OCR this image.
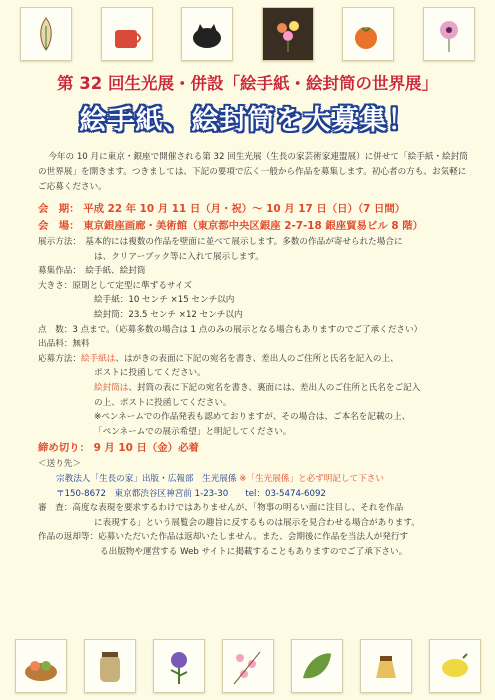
第 32 回生光展・併設「絵手紙・絵封筒の世界展」
絵手紙、絵封筒を大募集！

今年の 10 月に東京・銀座で開催される第 32 回生光展（生長の家芸術家連盟展）に併せて「絵手紙・絵封筒の世界展」を開きます。つきましては、下記の要項で広く一般から作品を募集します。初心者の方も、お気軽にご応募ください。

会　期： 平成 22 年 10 月 11 日（月・祝）〜 10 月 17 日（日）（7 日間）
会　場： 東京銀座画廊・美術館（東京都中央区銀座 2-7-18 銀座貿易ビル 8 階）
展示方法：　基本的には複数の作品を壁面に並べて展示します。多数の作品が寄せられた場合に
は、クリアーブック等に入れて展示します。
募集作品：　絵手紙、絵封筒
大きさ：原則として定型に準ずるサイズ
絵手紙：10 センチ ×15 センチ以内
絵封筒：23.5 センチ ×12 センチ以内
点　数：3 点まで。（応募多数の場合は 1 点のみの展示となる場合もありますのでご了承ください）
出品料：無料
応募方法：絵手紙は、はがきの表面に下記の宛名を書き、差出人のご住所と氏名を記入の上、
ポストに投函してください。
絵封筒は、封筒の表に下記の宛名を書き、裏面には、差出人のご住所と氏名をご記入
の上、ポストに投函してください。
※ペンネームでの作品発表も認めておりますが、その場合は、ご本名を記載の上、
「ペンネームでの展示希望」と明記してください。
締め切り： 9 月 10 日（金）必着
＜送り先＞
宗教法人「生長の家」出版・広報部　生光展係 ※「生光展係」と必ず明記して下さい
〒150-8672　東京都渋谷区神宮前 1-23-30　　tel：03-5474-6092
審　査：高度な表現を要求するわけではありませんが、「物事の明るい面に注目し、それを作品
に表現する」という展覧会の趣旨に反するものは展示を見合わせる場合があります。
作品の返却等：応募いただいた作品は返却いたしません。また、会期後に作品を当法人が発行す
る出版物や運営する Web サイトに掲載することもありますのでご了承下さい。
